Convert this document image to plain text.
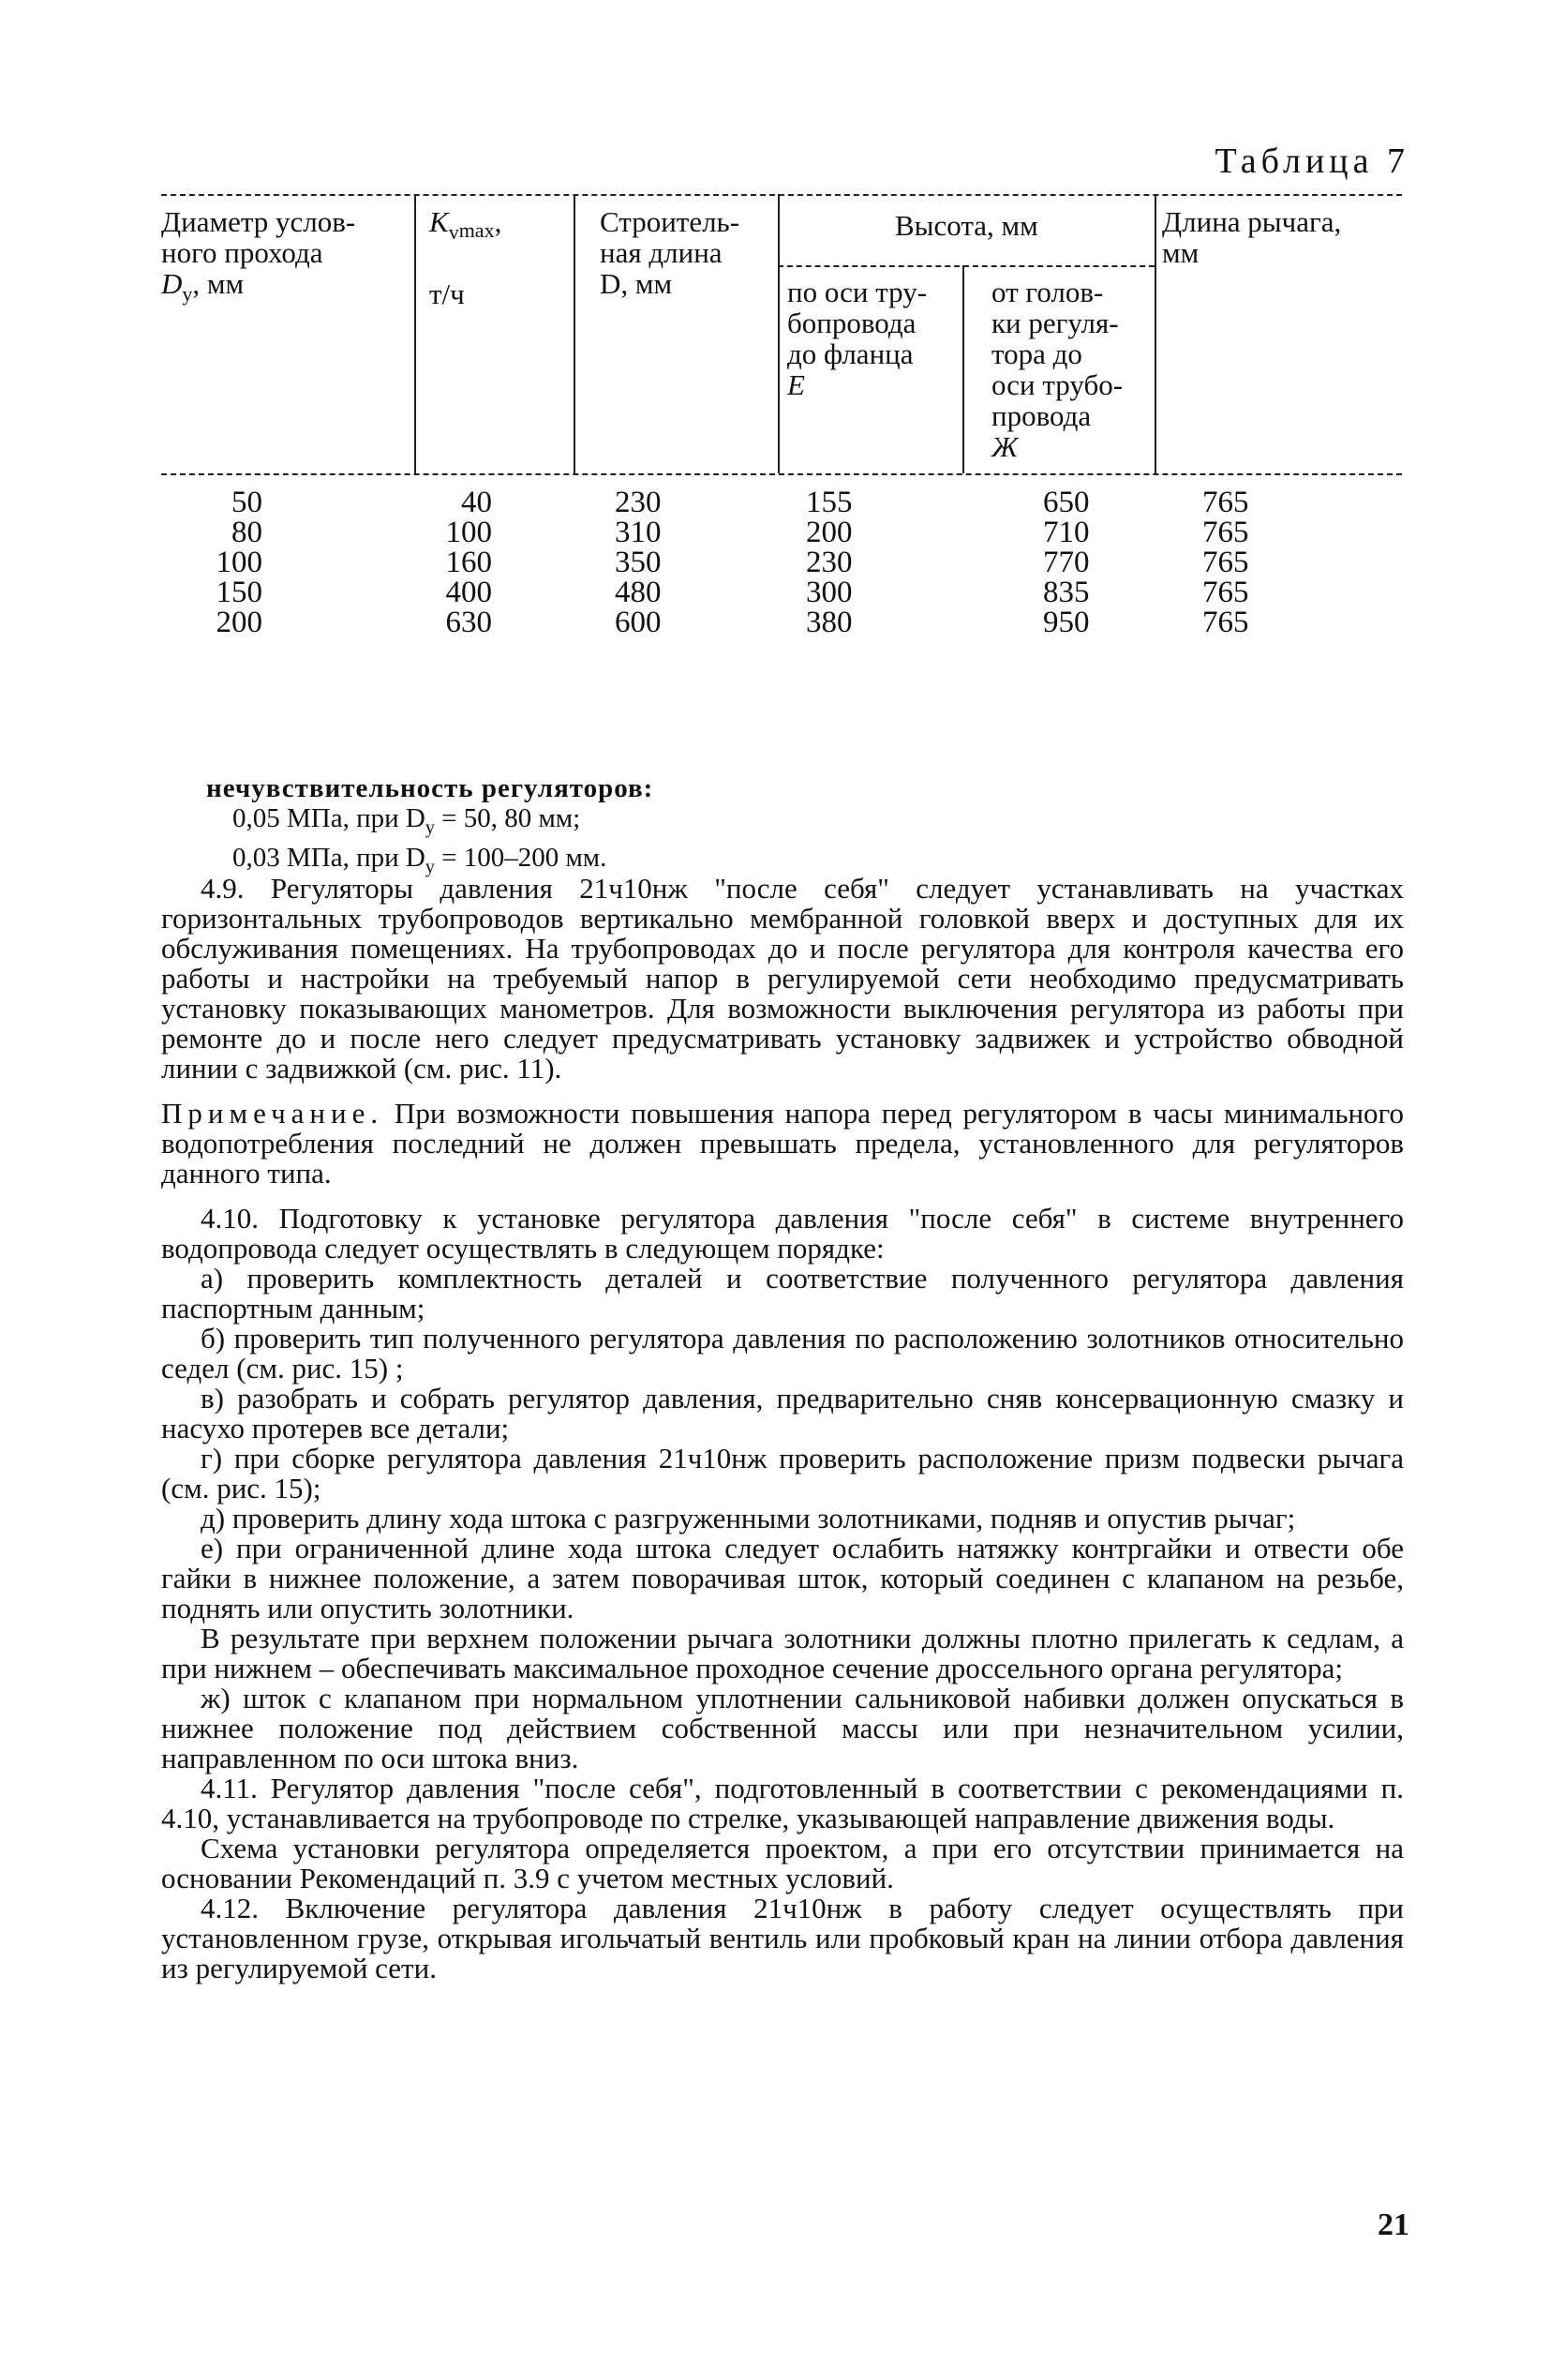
Таблица 7
Диаметр услов-
ного прохода
$D_у$, мм
$K_v\max$,

т/ч
Строитель-
ная длина
D, мм
Высота, мм
по оси тру-
бопровода
до фланца
E
от голов-
ки регуля-
тора до
оси трубо-
провода
Ж
Длина рычага,
мм
50
80
100
150
200
40
100
160
400
630
230
310
350
480
600
155
200
230
300
380
650
710
770
835
950
765
765
765
765
765
нечувствительность регуляторов:
0,05 МПа, при $D_у = 50$, 80 мм;
0,03 МПа, при $D_у = 100-200$ мм.

4.9. Регуляторы давления 21ч10нж "после себя" следует устанавливать на участках горизонтальных трубопроводов вертикально мембранной головкой вверх и доступных для их обслуживания помещениях. На трубопроводах до и после регулятора для контроля качества его работы и настройки на требуемый напор в регулируемой сети необходимо предусматривать установку показывающих манометров. Для возможности выключения регулятора из работы при ремонте до и после него следует предусматривать установку задвижек и устройство обводной линии с задвижкой (см. рис. 11).

Примечание. При возможности повышения напора перед регулятором в часы минимального водопотребления последний не должен превышать предела, установленного для регуляторов данного типа.

4.10. Подготовку к установке регулятора давления "после себя" в системе внутреннего водопровода следует осуществлять в следующем порядке:

а) проверить комплектность деталей и соответствие полученного регулятора давления паспортным данным;

б) проверить тип полученного регулятора давления по расположению золотников относительно седел (см. рис. 15) ;

в) разобрать и собрать регулятор давления, предварительно сняв консервационную смазку и насухо протерев все детали;

г) при сборке регулятора давления 21ч10нж проверить расположение призм подвески рычага (см. рис. 15);

д) проверить длину хода штока с разгруженными золотниками, подняв и опустив рычаг;

е) при ограниченной длине хода штока следует ослабить натяжку контргайки и отвести обе гайки в нижнее положение, а затем поворачивая шток, который соединен с клапаном на резьбе, поднять или опустить золотники.

В результате при верхнем положении рычага золотники должны плотно прилегать к седлам, а при нижнем – обеспечивать максимальное проходное сечение дроссельного органа регулятора;

ж) шток с клапаном при нормальном уплотнении сальниковой набивки должен опускаться в нижнее положение под действием собственной массы или при незначительном усилии, направленном по оси штока вниз.

4.11. Регулятор давления "после себя", подготовленный в соответствии с рекомендациями п. 4.10, устанавливается на трубопроводе по стрелке, указывающей направление движения воды.

Схема установки регулятора определяется проектом, а при его отсутствии принимается на основании Рекомендаций п. 3.9 с учетом местных условий.

4.12. Включение регулятора давления 21ч10нж в работу следует осуществлять при установленном грузе, открывая игольчатый вентиль или пробковый кран на линии отбора давления из регулируемой сети.

21
